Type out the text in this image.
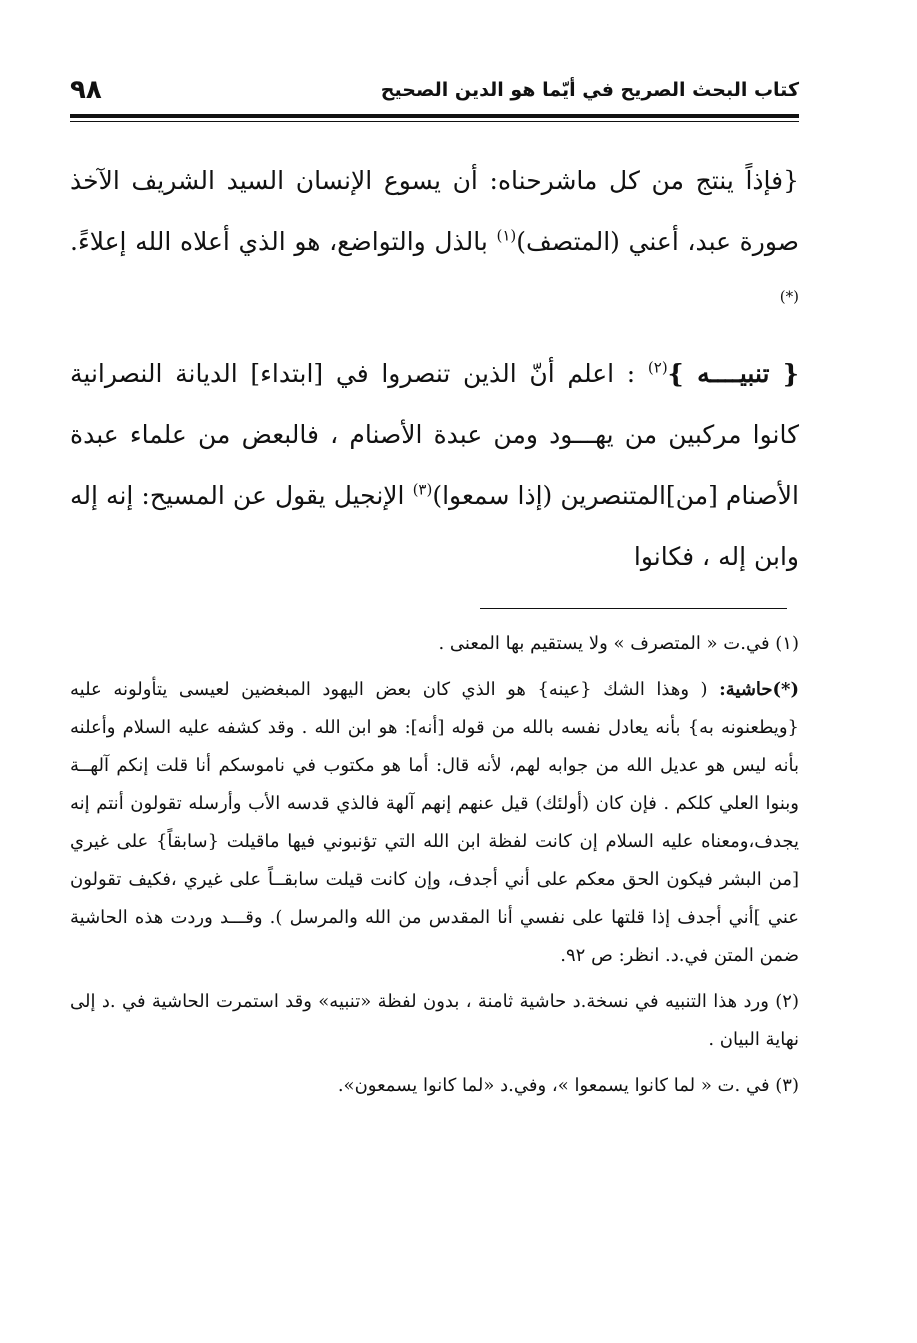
٩٨	كتاب البحث الصريح في أيّما هو الدين الصحيح

{فإذاً ينتج من كل ماشرحناه: أن يسوع الإنسان السيد الشريف الآخذ صورة عبد، أعني (المتصف)$^{(١)}$ بالذل والتواضع، هو الذي أعلاه الله إعلاءً.(*)

{ تنبيــــه }$^{(٢)}$ : اعلم أنّ الذين تنصروا في [ابتداء] الديانة النصرانية كانوا مركبين من يهـــود ومن عبدة الأصنام ، فالبعض من علماء عبدة الأصنام [من]المتنصرين (إذا سمعوا)$^{(٣)}$ الإنجيل يقول عن المسيح: إنه إله وابن إله ، فكانوا

(١) في.ت « المتصرف » ولا يستقيم بها المعنى .

(*)حاشية: ( وهذا الشك {عينه} هو الذي كان بعض اليهود المبغضين لعيسى يتأولونه عليه {ويطعنونه به} بأنه يعادل نفسه بالله من قوله [أنه]: هو ابن الله . وقد كشفه عليه السلام وأعلنه بأنه ليس هو عديل الله من جوابه لهم، لأنه قال: أما هو مكتوب في ناموسكم أنا قلت إنكم آلهــة وبنوا العلي كلكم . فإن كان (أولئك) قيل عنهم إنهم آلهة فالذي قدسه الأب وأرسله تقولون أنتم إنه يجدف،ومعناه عليه السلام إن كانت لفظة ابن الله التي تؤنبوني فيها ماقيلت {سابقاً} على غيري [من البشر فيكون الحق معكم على أني أجدف، وإن كانت قيلت سابقــاً على غيري ،فكيف تقولون عني ]أني أجدف إذا قلتها على نفسي أنا المقدس من الله والمرسل ). وقـــد وردت هذه الحاشية ضمن المتن في.د. انظر: ص ٩٢.

(٢) ورد هذا التنبيه في نسخة.د حاشية ثامنة ، بدون لفظة «تنبيه» وقد استمرت الحاشية في .د إلى نهاية البيان .

(٣) في .ت « لما كانوا يسمعوا »، وفي.د «لما كانوا يسمعون».
